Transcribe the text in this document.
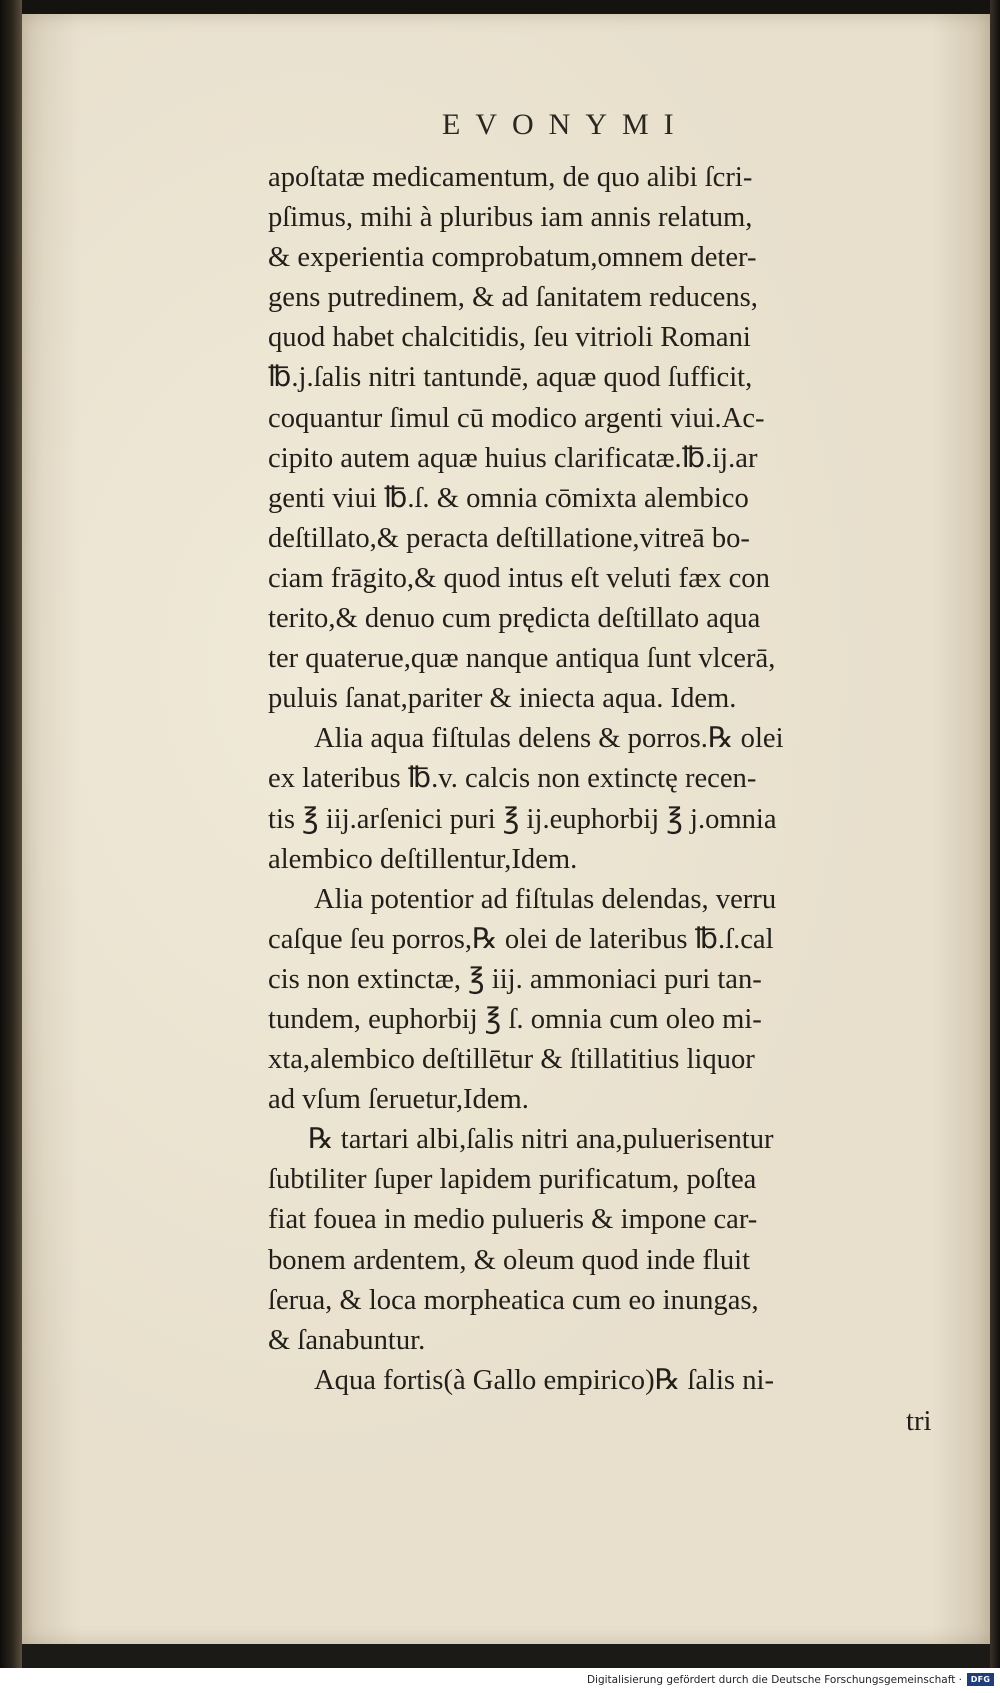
EVONYMI
apoſtatæ medicamentum, de quo alibi ſcri-
pſimus, mihi à pluribus iam annis relatum,
& experientia comprobatum,omnem deter-
gens putredinem, & ad ſanitatem reducens,
quod habet chalcitidis, ſeu vitrioli Romani
℔.j.ſalis nitri tantundē, aquæ quod ſufficit,
coquantur ſimul cū modico argenti viui.Ac-
cipito autem aquæ huius clarificatæ.℔.ij.ar
genti viui ℔.ſ. & omnia cōmixta alembico
deſtillato,& peracta deſtillatione,vitreā bo-
ciam frāgito,& quod intus eſt veluti fæx con
terito,& denuo cum prędicta deſtillato aqua
ter quaterue,quæ nanque antiqua ſunt vlcerā,
puluis ſanat,pariter & iniecta aqua. Idem.
Alia aqua fiſtulas delens & porros.℞ olei
ex lateribus ℔.v. calcis non extinctę recen-
tis ℥ iij.arſenici puri ℥ ij.euphorbij ℥ j.omnia
alembico deſtillentur,Idem.
Alia potentior ad fiſtulas delendas, verru
caſque ſeu porros,℞ olei de lateribus ℔.ſ.cal
cis non extinctæ, ℥ iij. ammoniaci puri tan-
tundem, euphorbij ℥ ſ. omnia cum oleo mi-
xta,alembico deſtillētur & ſtillatitius liquor
ad vſum ſeruetur,Idem.
℞ tartari albi,ſalis nitri ana,puluerisentur
ſubtiliter ſuper lapidem purificatum, poſtea
fiat fouea in medio pulueris & impone car-
bonem ardentem, & oleum quod inde fluit
ſerua, & loca morpheatica cum eo inungas,
& ſanabuntur.
Aqua fortis(à Gallo empirico)℞ ſalis ni-
tri
Digitalisierung gefördert durch die Deutsche Forschungsgemeinschaft ·	DFG
